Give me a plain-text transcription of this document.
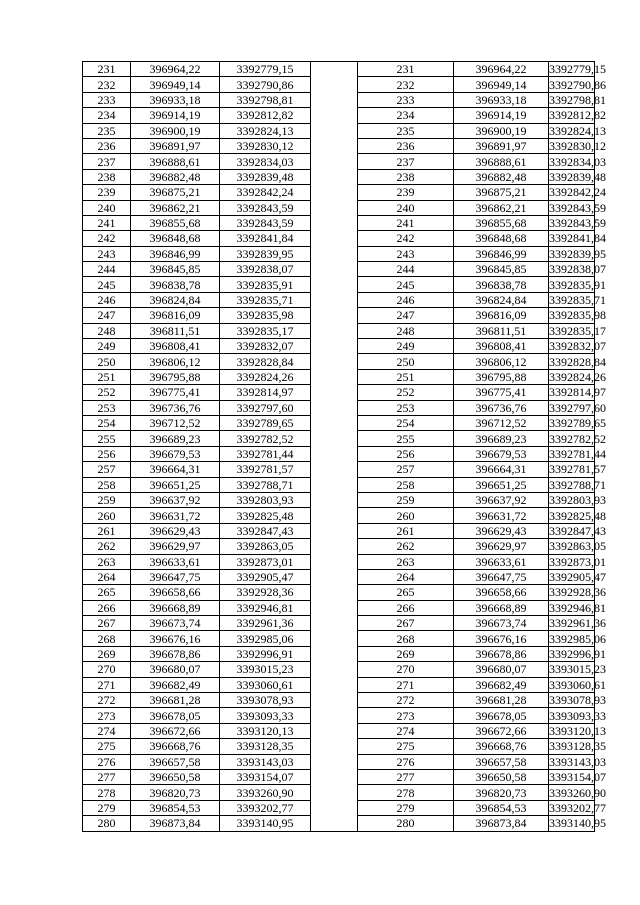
231	396964,22	3392779,15		231	396964,22	3392779,15
232	396949,14	3392790,86		232	396949,14	3392790,86
233	396933,18	3392798,81		233	396933,18	3392798,81
234	396914,19	3392812,82		234	396914,19	3392812,82
235	396900,19	3392824,13		235	396900,19	3392824,13
236	396891,97	3392830,12		236	396891,97	3392830,12
237	396888,61	3392834,03		237	396888,61	3392834,03
238	396882,48	3392839,48		238	396882,48	3392839,48
239	396875,21	3392842,24		239	396875,21	3392842,24
240	396862,21	3392843,59		240	396862,21	3392843,59
241	396855,68	3392843,59		241	396855,68	3392843,59
242	396848,68	3392841,84		242	396848,68	3392841,84
243	396846,99	3392839,95		243	396846,99	3392839,95
244	396845,85	3392838,07		244	396845,85	3392838,07
245	396838,78	3392835,91		245	396838,78	3392835,91
246	396824,84	3392835,71		246	396824,84	3392835,71
247	396816,09	3392835,98		247	396816,09	3392835,98
248	396811,51	3392835,17		248	396811,51	3392835,17
249	396808,41	3392832,07		249	396808,41	3392832,07
250	396806,12	3392828,84		250	396806,12	3392828,84
251	396795,88	3392824,26		251	396795,88	3392824,26
252	396775,41	3392814,97		252	396775,41	3392814,97
253	396736,76	3392797,60		253	396736,76	3392797,60
254	396712,52	3392789,65		254	396712,52	3392789,65
255	396689,23	3392782,52		255	396689,23	3392782,52
256	396679,53	3392781,44		256	396679,53	3392781,44
257	396664,31	3392781,57		257	396664,31	3392781,57
258	396651,25	3392788,71		258	396651,25	3392788,71
259	396637,92	3392803,93		259	396637,92	3392803,93
260	396631,72	3392825,48		260	396631,72	3392825,48
261	396629,43	3392847,43		261	396629,43	3392847,43
262	396629,97	3392863,05		262	396629,97	3392863,05
263	396633,61	3392873,01		263	396633,61	3392873,01
264	396647,75	3392905,47		264	396647,75	3392905,47
265	396658,66	3392928,36		265	396658,66	3392928,36
266	396668,89	3392946,81		266	396668,89	3392946,81
267	396673,74	3392961,36		267	396673,74	3392961,36
268	396676,16	3392985,06		268	396676,16	3392985,06
269	396678,86	3392996,91		269	396678,86	3392996,91
270	396680,07	3393015,23		270	396680,07	3393015,23
271	396682,49	3393060,61		271	396682,49	3393060,61
272	396681,28	3393078,93		272	396681,28	3393078,93
273	396678,05	3393093,33		273	396678,05	3393093,33
274	396672,66	3393120,13		274	396672,66	3393120,13
275	396668,76	3393128,35		275	396668,76	3393128,35
276	396657,58	3393143,03		276	396657,58	3393143,03
277	396650,58	3393154,07		277	396650,58	3393154,07
278	396820,73	3393260,90		278	396820,73	3393260,90
279	396854,53	3393202,77		279	396854,53	3393202,77
280	396873,84	3393140,95		280	396873,84	3393140,95
